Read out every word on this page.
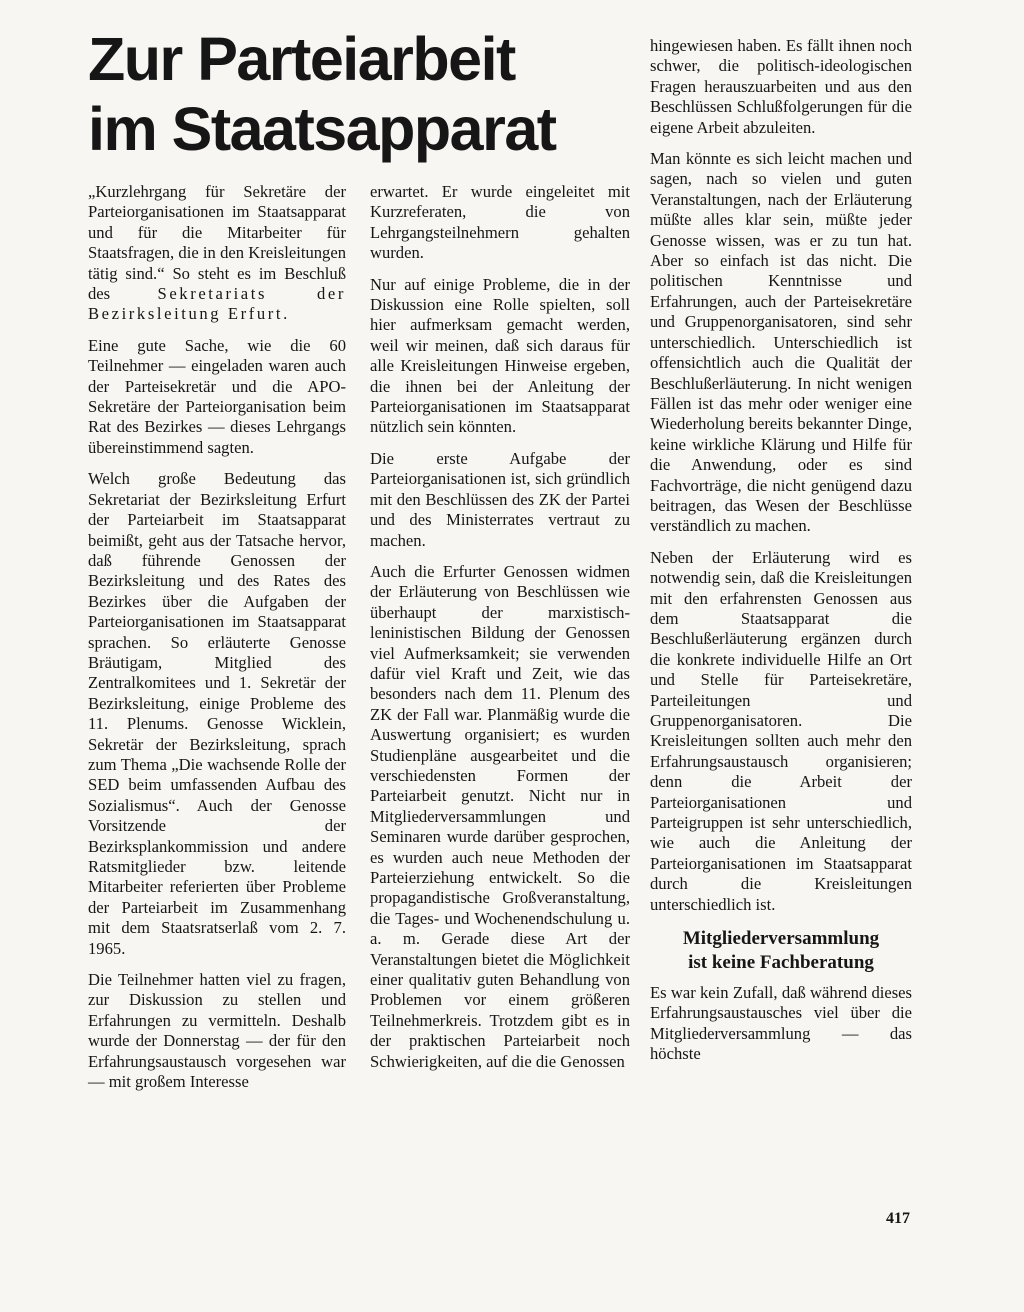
Zur Parteiarbeit
im Staatsapparat

„Kurzlehrgang für Sekretäre der Parteiorganisationen im Staatsapparat und für die Mitarbeiter für Staatsfragen, die in den Kreisleitungen tätig sind.“ So steht es im Beschluß des Sekretariats der Bezirksleitung Erfurt.

Eine gute Sache, wie die 60 Teilnehmer — eingeladen waren auch der Parteisekretär und die APO-Sekretäre der Parteiorganisation beim Rat des Bezirkes — dieses Lehrgangs übereinstimmend sagten.

Welch große Bedeutung das Sekretariat der Bezirksleitung Erfurt der Parteiarbeit im Staatsapparat beimißt, geht aus der Tatsache hervor, daß führende Genossen der Bezirksleitung und des Rates des Bezirkes über die Aufgaben der Parteiorganisationen im Staatsapparat sprachen. So erläuterte Genosse Bräutigam, Mitglied des Zentralkomitees und 1. Sekretär der Bezirksleitung, einige Probleme des 11. Plenums. Genosse Wicklein, Sekretär der Bezirksleitung, sprach zum Thema „Die wachsende Rolle der SED beim umfassenden Aufbau des Sozialismus“. Auch der Genosse Vorsitzende der Bezirksplankommission und andere Ratsmitglieder bzw. leitende Mitarbeiter referierten über Probleme der Parteiarbeit im Zusammenhang mit dem Staatsratserlaß vom 2. 7. 1965.

Die Teilnehmer hatten viel zu fragen, zur Diskussion zu stellen und Erfahrungen zu vermitteln. Deshalb wurde der Donnerstag — der für den Erfahrungsaustausch vorgesehen war — mit großem Interesse

erwartet. Er wurde eingeleitet mit Kurzreferaten, die von Lehrgangsteilnehmern gehalten wurden.

Nur auf einige Probleme, die in der Diskussion eine Rolle spielten, soll hier aufmerksam gemacht werden, weil wir meinen, daß sich daraus für alle Kreisleitungen Hinweise ergeben, die ihnen bei der Anleitung der Parteiorganisationen im Staatsapparat nützlich sein könnten.

Die erste Aufgabe der Parteiorganisationen ist, sich gründlich mit den Beschlüssen des ZK der Partei und des Ministerrates vertraut zu machen.

Auch die Erfurter Genossen widmen der Erläuterung von Beschlüssen wie überhaupt der marxistisch-leninistischen Bildung der Genossen viel Aufmerksamkeit; sie verwenden dafür viel Kraft und Zeit, wie das besonders nach dem 11. Plenum des ZK der Fall war. Planmäßig wurde die Auswertung organisiert; es wurden Studienpläne ausgearbeitet und die verschiedensten Formen der Parteiarbeit genutzt. Nicht nur in Mitgliederversammlungen und Seminaren wurde darüber gesprochen, es wurden auch neue Methoden der Parteierziehung entwickelt. So die propagandistische Großveranstaltung, die Tages- und Wochenendschulung u. a. m. Gerade diese Art der Veranstaltungen bietet die Möglichkeit einer qualitativ guten Behandlung von Problemen vor einem größeren Teilnehmerkreis. Trotzdem gibt es in der praktischen Parteiarbeit noch Schwierigkeiten, auf die die Genossen

hingewiesen haben. Es fällt ihnen noch schwer, die politisch-ideologischen Fragen herauszuarbeiten und aus den Beschlüssen Schlußfolgerungen für die eigene Arbeit abzuleiten.

Man könnte es sich leicht machen und sagen, nach so vielen und guten Veranstaltungen, nach der Erläuterung müßte alles klar sein, müßte jeder Genosse wissen, was er zu tun hat. Aber so einfach ist das nicht. Die politischen Kenntnisse und Erfahrungen, auch der Parteisekretäre und Gruppenorganisatoren, sind sehr unterschiedlich. Unterschiedlich ist offensichtlich auch die Qualität der Beschlußerläuterung. In nicht wenigen Fällen ist das mehr oder weniger eine Wiederholung bereits bekannter Dinge, keine wirkliche Klärung und Hilfe für die Anwendung, oder es sind Fachvorträge, die nicht genügend dazu beitragen, das Wesen der Beschlüsse verständlich zu machen.

Neben der Erläuterung wird es notwendig sein, daß die Kreisleitungen mit den erfahrensten Genossen aus dem Staatsapparat die Beschlußerläuterung ergänzen durch die konkrete individuelle Hilfe an Ort und Stelle für Parteisekretäre, Parteileitungen und Gruppenorganisatoren. Die Kreisleitungen sollten auch mehr den Erfahrungsaustausch organisieren; denn die Arbeit der Parteiorganisationen und Parteigruppen ist sehr unterschiedlich, wie auch die Anleitung der Parteiorganisationen im Staatsapparat durch die Kreisleitungen unterschiedlich ist.

Mitgliederversammlung
ist keine Fachberatung

Es war kein Zufall, daß während dieses Erfahrungsaustausches viel über die Mitgliederversammlung — das höchste

417
